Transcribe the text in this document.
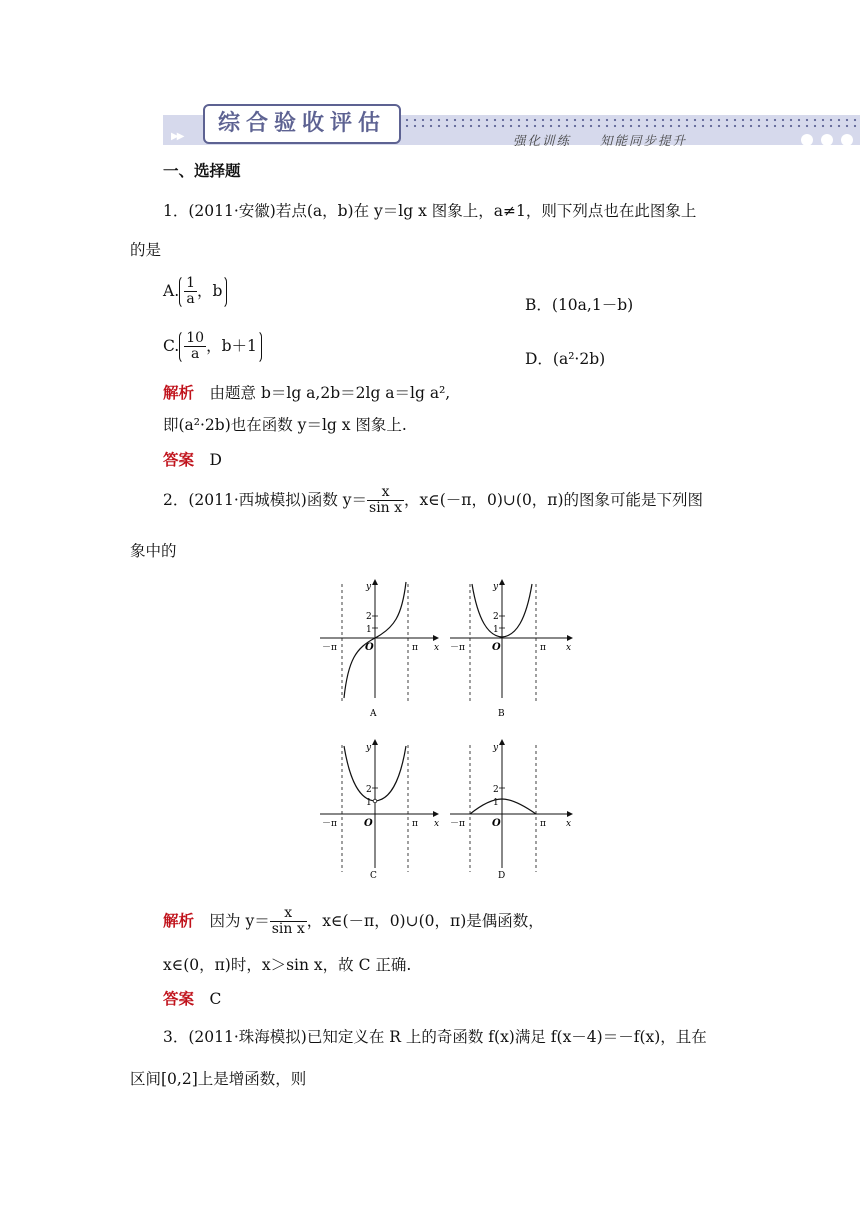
▶▶
综合验收评估
强化训练　　 知能同步提升
一、选择题
1．(2011·安徽)若点(a，b)在 y＝lg x 图象上，a≠1，则下列点也在此图象上
的是
A. $\frac{1}{a}$ ，b
B．(10a,1－b)
C. $\frac{10}{a}$ ，b＋1
D．(a²·2b)
解析　 由题意 b＝lg a,2b＝2lg a＝lg a²,
即(a²·2b)也在函数 y＝lg x 图象上.
答案　 D
2．(2011·西城模拟)函数 $y= \frac{x}{\text{sin x}}$ ，x∈(－π，0)∪(0，π)的图象可能是下列图
象中的
y
x
O
－π	π
1
2
A
y
x
O
－π	π
1
2
B
y
x
O
－π	π
1
2
C
y
x
O
－π	π
1
2
D
解析　 因为 $y= \frac{x}{\text{sin x}}$ ，x∈(－π，0)∪(0，π)是偶函数，
x∈(0，π)时，x＞sin x，故 C 正确.
答案　 C
3．(2011·珠海模拟)已知定义在 R 上的奇函数 f(x)满足 f(x－4)＝－f(x)，且在
区间[0,2]上是增函数，则
